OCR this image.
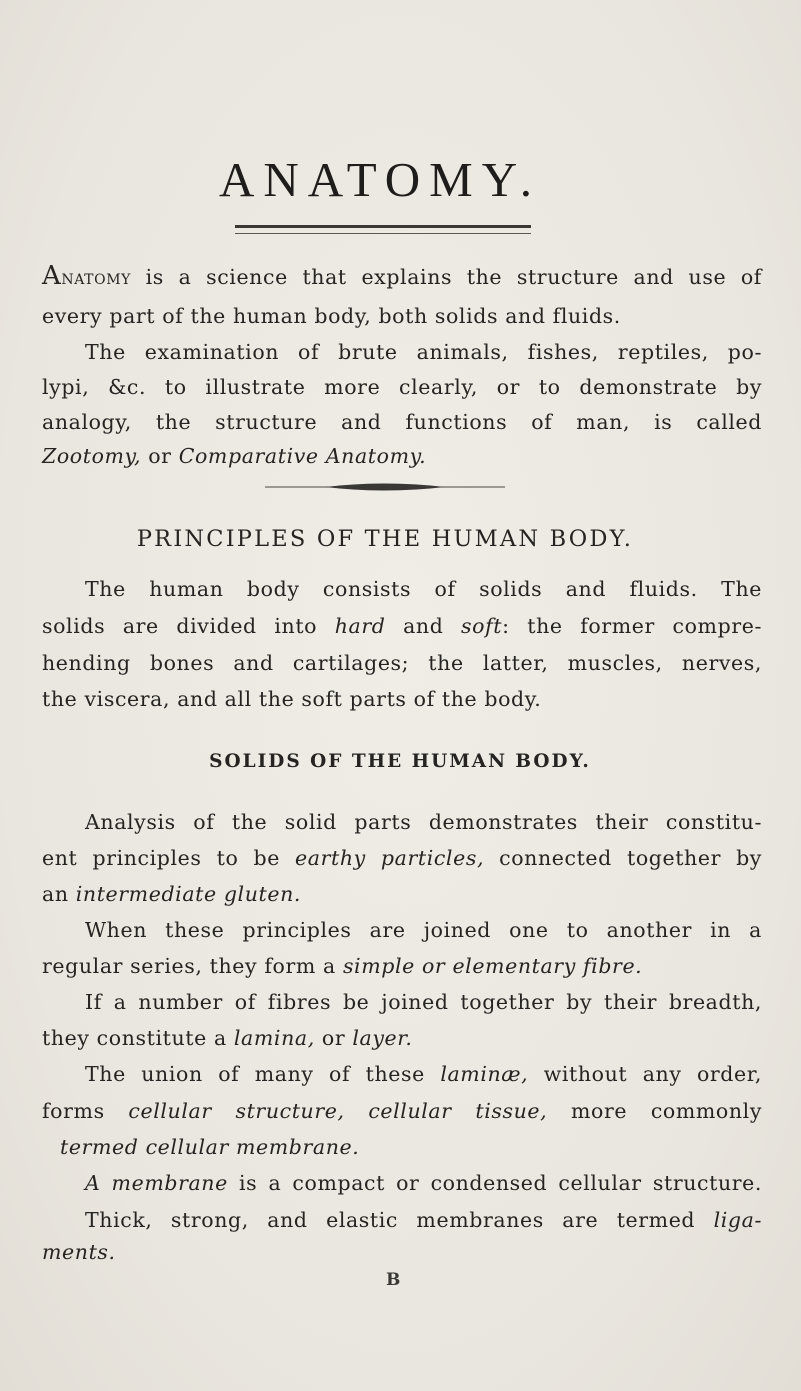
ANATOMY.
Anatomy is a science that explains the structure and use of
every part of the human body, both solids and fluids.
The examination of brute animals, fishes, reptiles, po-
lypi, &c. to illustrate more clearly, or to demonstrate by
analogy, the structure and functions of man, is called
Zootomy, or Comparative Anatomy.
PRINCIPLES OF THE HUMAN BODY.
The human body consists of solids and fluids. The
solids are divided into hard and soft: the former compre-
hending bones and cartilages; the latter, muscles, nerves,
the viscera, and all the soft parts of the body.
SOLIDS OF THE HUMAN BODY.
Analysis of the solid parts demonstrates their constitu-
ent principles to be earthy particles, connected together by
an intermediate gluten.
When these principles are joined one to another in a
regular series, they form a simple or elementary fibre.
If a number of fibres be joined together by their breadth,
they constitute a lamina, or layer.
The union of many of these laminæ, without any order,
forms cellular structure, cellular tissue, more commonly
termed cellular membrane.
A membrane is a compact or condensed cellular structure.
Thick, strong, and elastic membranes are termed liga-
ments.
B
